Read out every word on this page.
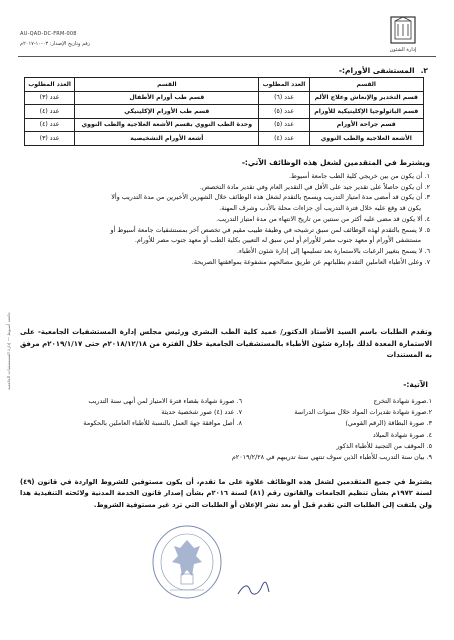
AU-QAD-DC-FRM-008
رقم وتاريخ الإصدار: ٠٣-١٠-٢٠١٧م
إدارة الشئون
٢.المستشفى الأورام:-
القسم	العدد المطلوب	القسم	العدد المطلوب
قسم التخدير والإنعاش وعلاج الألم	عدد (٦)	قسم طب أورام الأطفال	عدد (٣)
قسم الباثولوجيا الإكلينيكية للأورام	عدد (٥)	قسم طب الأورام الإكلينيكي	عدد (٤)
قسم جراحة الأورام	عدد (٥)	وحدة الطب النووي بقسم الأشعة العلاجية والطب النووي	عدد (٤)
الأشعة العلاجية والطب النووي	عدد (٤)	أشعة الأورام التشخيصية	عدد (٣)
ويشترط في المتقدمين لشغل هذه الوظائف الآتي:-
١. أن يكون من بين خريجي كلية الطب جامعة أسيوط.
٢. أن يكون حاصلاً على تقدير جيد على الأقل في التقدير العام وفي تقدير مادة التخصص.
٣. أن يكون قد أمضى مدة امتياز التدريب ويسمح بالتقدم لشغل هذه الوظائف خلال الشهرين الأخيرين من مدة التدريب وألا
يكون قد وقع عليه خلال فترة التدريب أي جزاءات محلة بالأدب وشرف المهنة.
٤. ألا يكون قد مضى عليه أكثر من سنتين من تاريخ الانتهاء من مدة امتياز التدريب.
٥. لا يسمح بالتقدم لهذه الوظائف لمن سبق ترشيحه في وظيفة طبيب مقيم في تخصص آخر بمستشفيات جامعة أسيوط أو
مستشفى الأورام أو معهد جنوب مصر للأورام أو لمن سبق له التعيين بكلية الطب أو معهد جنوب مصر للأورام.
٦. لا يسمح بتغيير الرغبات بالاستمارة بعد تسليمها إلى إدارة شئون الأطباء.
٧. وعلى الأطباء العاملين التقدم بطلباتهم عن طريق مصالحهم مشفوعة بموافقتها الصريحة.
وتقدم الطلبات باسم السيد الأستاذ الدكتور/ عميد كلية الطب البشري ورئيس مجلس إدارة المستشفيات الجامعية- على الاستمارة المعدة لذلك بإدارة شئون الأطباء بالمستشفيات الجامعية خلال الفترة من ٢٠١٨/١٢/١٨م حتى ٢٠١٩/١/١٧م مرفق به المستندات
الآتية:-
١.صورة شهادة التخرج
٦. صورة شهادة بقضاء فترة الامتياز لمن أنهى سنة التدريب
٢.صورة شهادة تقديرات المواد خلال سنوات الدراسة
٧. عدد (٤) صور شخصية حديثة
٣. صورة البطاقة (الرقم القومي)
٨. أصل موافقة جهة العمل بالنسبة للأطباء العاملين بالحكومة
٤. صورة شهادة الميلاد
٥. الموقف من التجنيد للأطباء الذكور
٩. بيان سنة التدريب للأطباء الذين سوف تنتهي سنة تدريبهم في ٢٠١٩/٢/٢٨م
يشترط في جميع المتقدمين لشغل هذه الوظائف علاوة على ما تقدم، أن يكون مستوفين للشروط الواردة في قانون (٤٩) لسنة ١٩٧٢م بشأن تنظيم الجامعات والقانون رقم (٨١) لسنة ٢٠١٦م بشأن إصدار قانون الخدمة المدنية ولائحته التنفيذية هذا ولن يلتفت إلى الطلبات التي تقدم قبل أو بعد نشر الإعلان أو الطلبات التي ترد غير مستوفية الشروط.
جامعة أسيوط — إدارة المستشفيات الجامعية
